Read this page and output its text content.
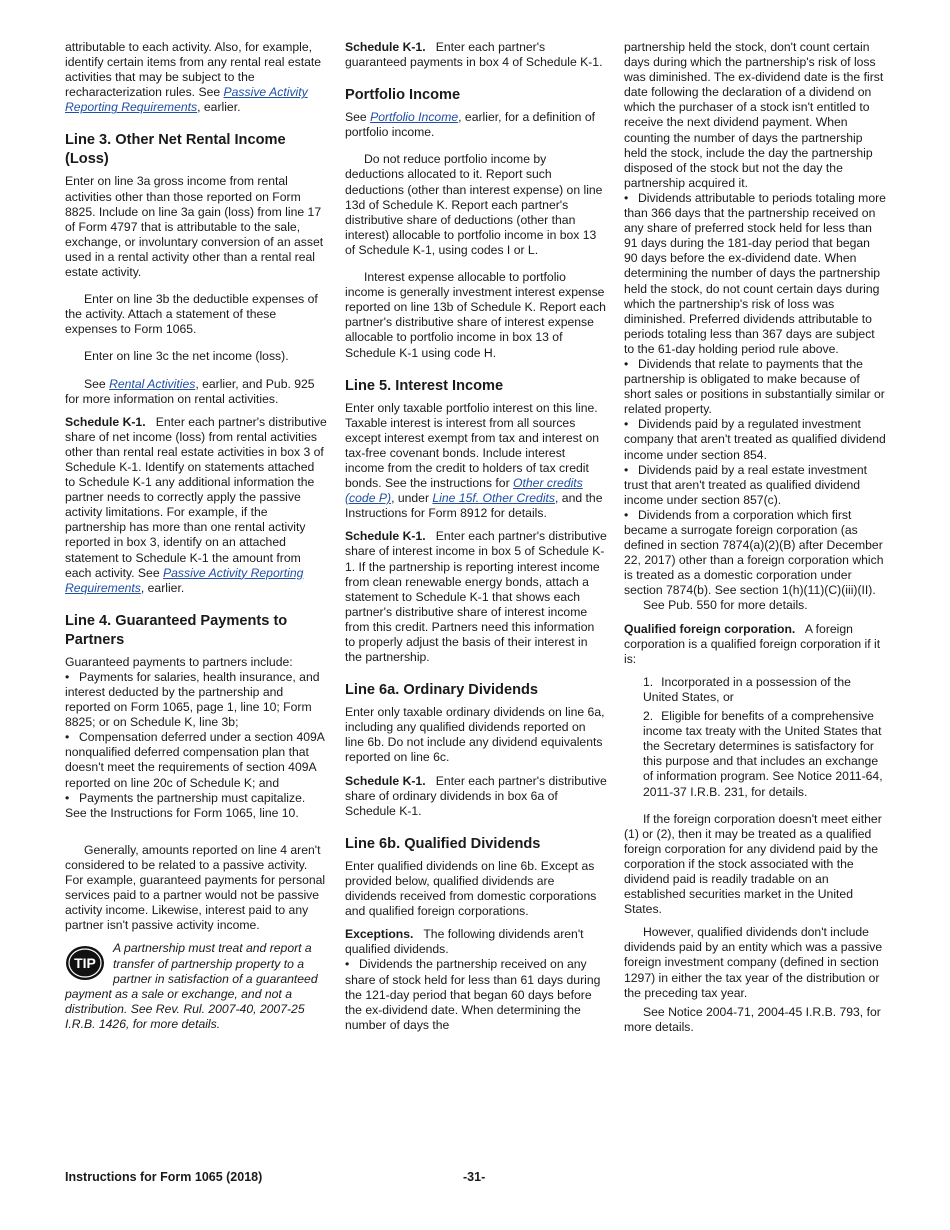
attributable to each activity. Also, for example, identify certain items from any rental real estate activities that may be subject to the recharacterization rules. See Passive Activity Reporting Requirements, earlier.

Line 3. Other Net Rental Income (Loss)

Enter on line 3a gross income from rental activities other than those reported on Form 8825. Include on line 3a gain (loss) from line 17 of Form 4797 that is attributable to the sale, exchange, or involuntary conversion of an asset used in a rental activity other than a rental real estate activity.

Enter on line 3b the deductible expenses of the activity. Attach a statement of these expenses to Form 1065.

Enter on line 3c the net income (loss).

See Rental Activities, earlier, and Pub. 925 for more information on rental activities.

Schedule K-1. Enter each partner's distributive share of net income (loss) from rental activities other than rental real estate activities in box 3 of Schedule K-1. Identify on statements attached to Schedule K-1 any additional information the partner needs to correctly apply the passive activity limitations. For example, if the partnership has more than one rental activity reported in box 3, identify on an attached statement to Schedule K-1 the amount from each activity. See Passive Activity Reporting Requirements, earlier.

Line 4. Guaranteed Payments to Partners

Guaranteed payments to partners include:

• Payments for salaries, health insurance, and interest deducted by the partnership and reported on Form 1065, page 1, line 10; Form 8825; or on Schedule K, line 3b;

• Compensation deferred under a section 409A nonqualified deferred compensation plan that doesn't meet the requirements of section 409A reported on line 20c of Schedule K; and

• Payments the partnership must capitalize. See the Instructions for Form 1065, line 10.

Generally, amounts reported on line 4 aren't considered to be related to a passive activity. For example, guaranteed payments for personal services paid to a partner would not be passive activity income. Likewise, interest paid to any partner isn't passive activity income.

TIP
A partnership must treat and report a transfer of partnership property to a partner in satisfaction of a guaranteed payment as a sale or exchange, and not a distribution. See Rev. Rul. 2007-40, 2007-25 I.R.B. 1426, for more details.

Schedule K-1. Enter each partner's guaranteed payments in box 4 of Schedule K-1.

Portfolio Income

See Portfolio Income, earlier, for a definition of portfolio income.

Do not reduce portfolio income by deductions allocated to it. Report such deductions (other than interest expense) on line 13d of Schedule K. Report each partner's distributive share of deductions (other than interest) allocable to portfolio income in box 13 of Schedule K-1, using codes I or L.

Interest expense allocable to portfolio income is generally investment interest expense reported on line 13b of Schedule K. Report each partner's distributive share of interest expense allocable to portfolio income in box 13 of Schedule K-1 using code H.

Line 5. Interest Income

Enter only taxable portfolio interest on this line. Taxable interest is interest from all sources except interest exempt from tax and interest on tax-free covenant bonds. Include interest income from the credit to holders of tax credit bonds. See the instructions for Other credits (code P), under Line 15f. Other Credits, and the Instructions for Form 8912 for details.

Schedule K-1. Enter each partner's distributive share of interest income in box 5 of Schedule K-1. If the partnership is reporting interest income from clean renewable energy bonds, attach a statement to Schedule K-1 that shows each partner's distributive share of interest income from this credit. Partners need this information to properly adjust the basis of their interest in the partnership.

Line 6a. Ordinary Dividends

Enter only taxable ordinary dividends on line 6a, including any qualified dividends reported on line 6b. Do not include any dividend equivalents reported on line 6c.

Schedule K-1. Enter each partner's distributive share of ordinary dividends in box 6a of Schedule K-1.

Line 6b. Qualified Dividends

Enter qualified dividends on line 6b. Except as provided below, qualified dividends are dividends received from domestic corporations and qualified foreign corporations.

Exceptions. The following dividends aren't qualified dividends.

• Dividends the partnership received on any share of stock held for less than 61 days during the 121-day period that began 60 days before the ex-dividend date. When determining the number of days the

partnership held the stock, don't count certain days during which the partnership's risk of loss was diminished. The ex-dividend date is the first date following the declaration of a dividend on which the purchaser of a stock isn't entitled to receive the next dividend payment. When counting the number of days the partnership held the stock, include the day the partnership disposed of the stock but not the day the partnership acquired it.

• Dividends attributable to periods totaling more than 366 days that the partnership received on any share of preferred stock held for less than 91 days during the 181-day period that began 90 days before the ex-dividend date. When determining the number of days the partnership held the stock, do not count certain days during which the partnership's risk of loss was diminished. Preferred dividends attributable to periods totaling less than 367 days are subject to the 61-day holding period rule above.

• Dividends that relate to payments that the partnership is obligated to make because of short sales or positions in substantially similar or related property.

• Dividends paid by a regulated investment company that aren't treated as qualified dividend income under section 854.

• Dividends paid by a real estate investment trust that aren't treated as qualified dividend income under section 857(c).

• Dividends from a corporation which first became a surrogate foreign corporation (as defined in section 7874(a)(2)(B) after December 22, 2017) other than a foreign corporation which is treated as a domestic corporation under section 7874(b). See section 1(h)(11)(C)(iii)(II).

See Pub. 550 for more details.

Qualified foreign corporation. A foreign corporation is a qualified foreign corporation if it is:

1. Incorporated in a possession of the United States, or

2. Eligible for benefits of a comprehensive income tax treaty with the United States that the Secretary determines is satisfactory for this purpose and that includes an exchange of information program. See Notice 2011-64, 2011-37 I.R.B. 231, for details.

If the foreign corporation doesn't meet either (1) or (2), then it may be treated as a qualified foreign corporation for any dividend paid by the corporation if the stock associated with the dividend paid is readily tradable on an established securities market in the United States.

However, qualified dividends don't include dividends paid by an entity which was a passive foreign investment company (defined in section 1297) in either the tax year of the distribution or the preceding tax year.

See Notice 2004-71, 2004-45 I.R.B. 793, for more details.

Instructions for Form 1065 (2018)	-31-
